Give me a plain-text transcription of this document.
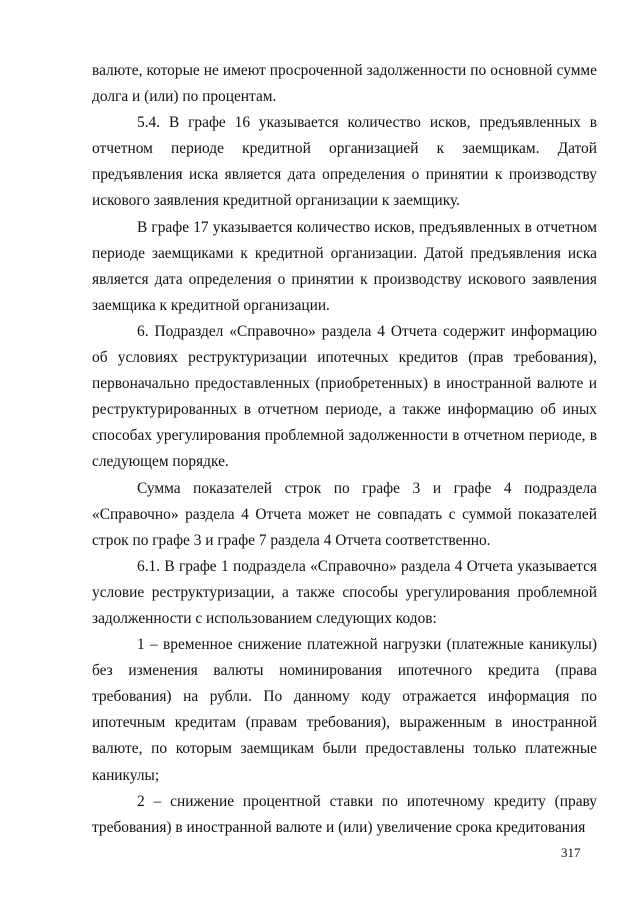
валюте, которые не имеют просроченной задолженности по основной сумме долга и (или) по процентам.

5.4. В графе 16 указывается количество исков, предъявленных в отчетном периоде кредитной организацией к заемщикам. Датой предъявления иска является дата определения о принятии к производству искового заявления кредитной организации к заемщику.

В графе 17 указывается количество исков, предъявленных в отчетном периоде заемщиками к кредитной организации. Датой предъявления иска является дата определения о принятии к производству искового заявления заемщика к кредитной организации.

6. Подраздел «Справочно» раздела 4 Отчета содержит информацию об условиях реструктуризации ипотечных кредитов (прав требования), первоначально предоставленных (приобретенных) в иностранной валюте и реструктурированных в отчетном периоде, а также информацию об иных способах урегулирования проблемной задолженности в отчетном периоде, в следующем порядке.

Сумма показателей строк по графе 3 и графе 4 подраздела «Справочно» раздела 4 Отчета может не совпадать с суммой показателей строк по графе 3 и графе 7 раздела 4 Отчета соответственно.

6.1. В графе 1 подраздела «Справочно» раздела 4 Отчета указывается условие реструктуризации, а также способы урегулирования проблемной задолженности с использованием следующих кодов:

1 – временное снижение платежной нагрузки (платежные каникулы) без изменения валюты номинирования ипотечного кредита (права требования) на рубли. По данному коду отражается информация по ипотечным кредитам (правам требования), выраженным в иностранной валюте, по которым заемщикам были предоставлены только платежные каникулы;

2 – снижение процентной ставки по ипотечному кредиту (праву требования) в иностранной валюте и (или) увеличение срока кредитования

317
